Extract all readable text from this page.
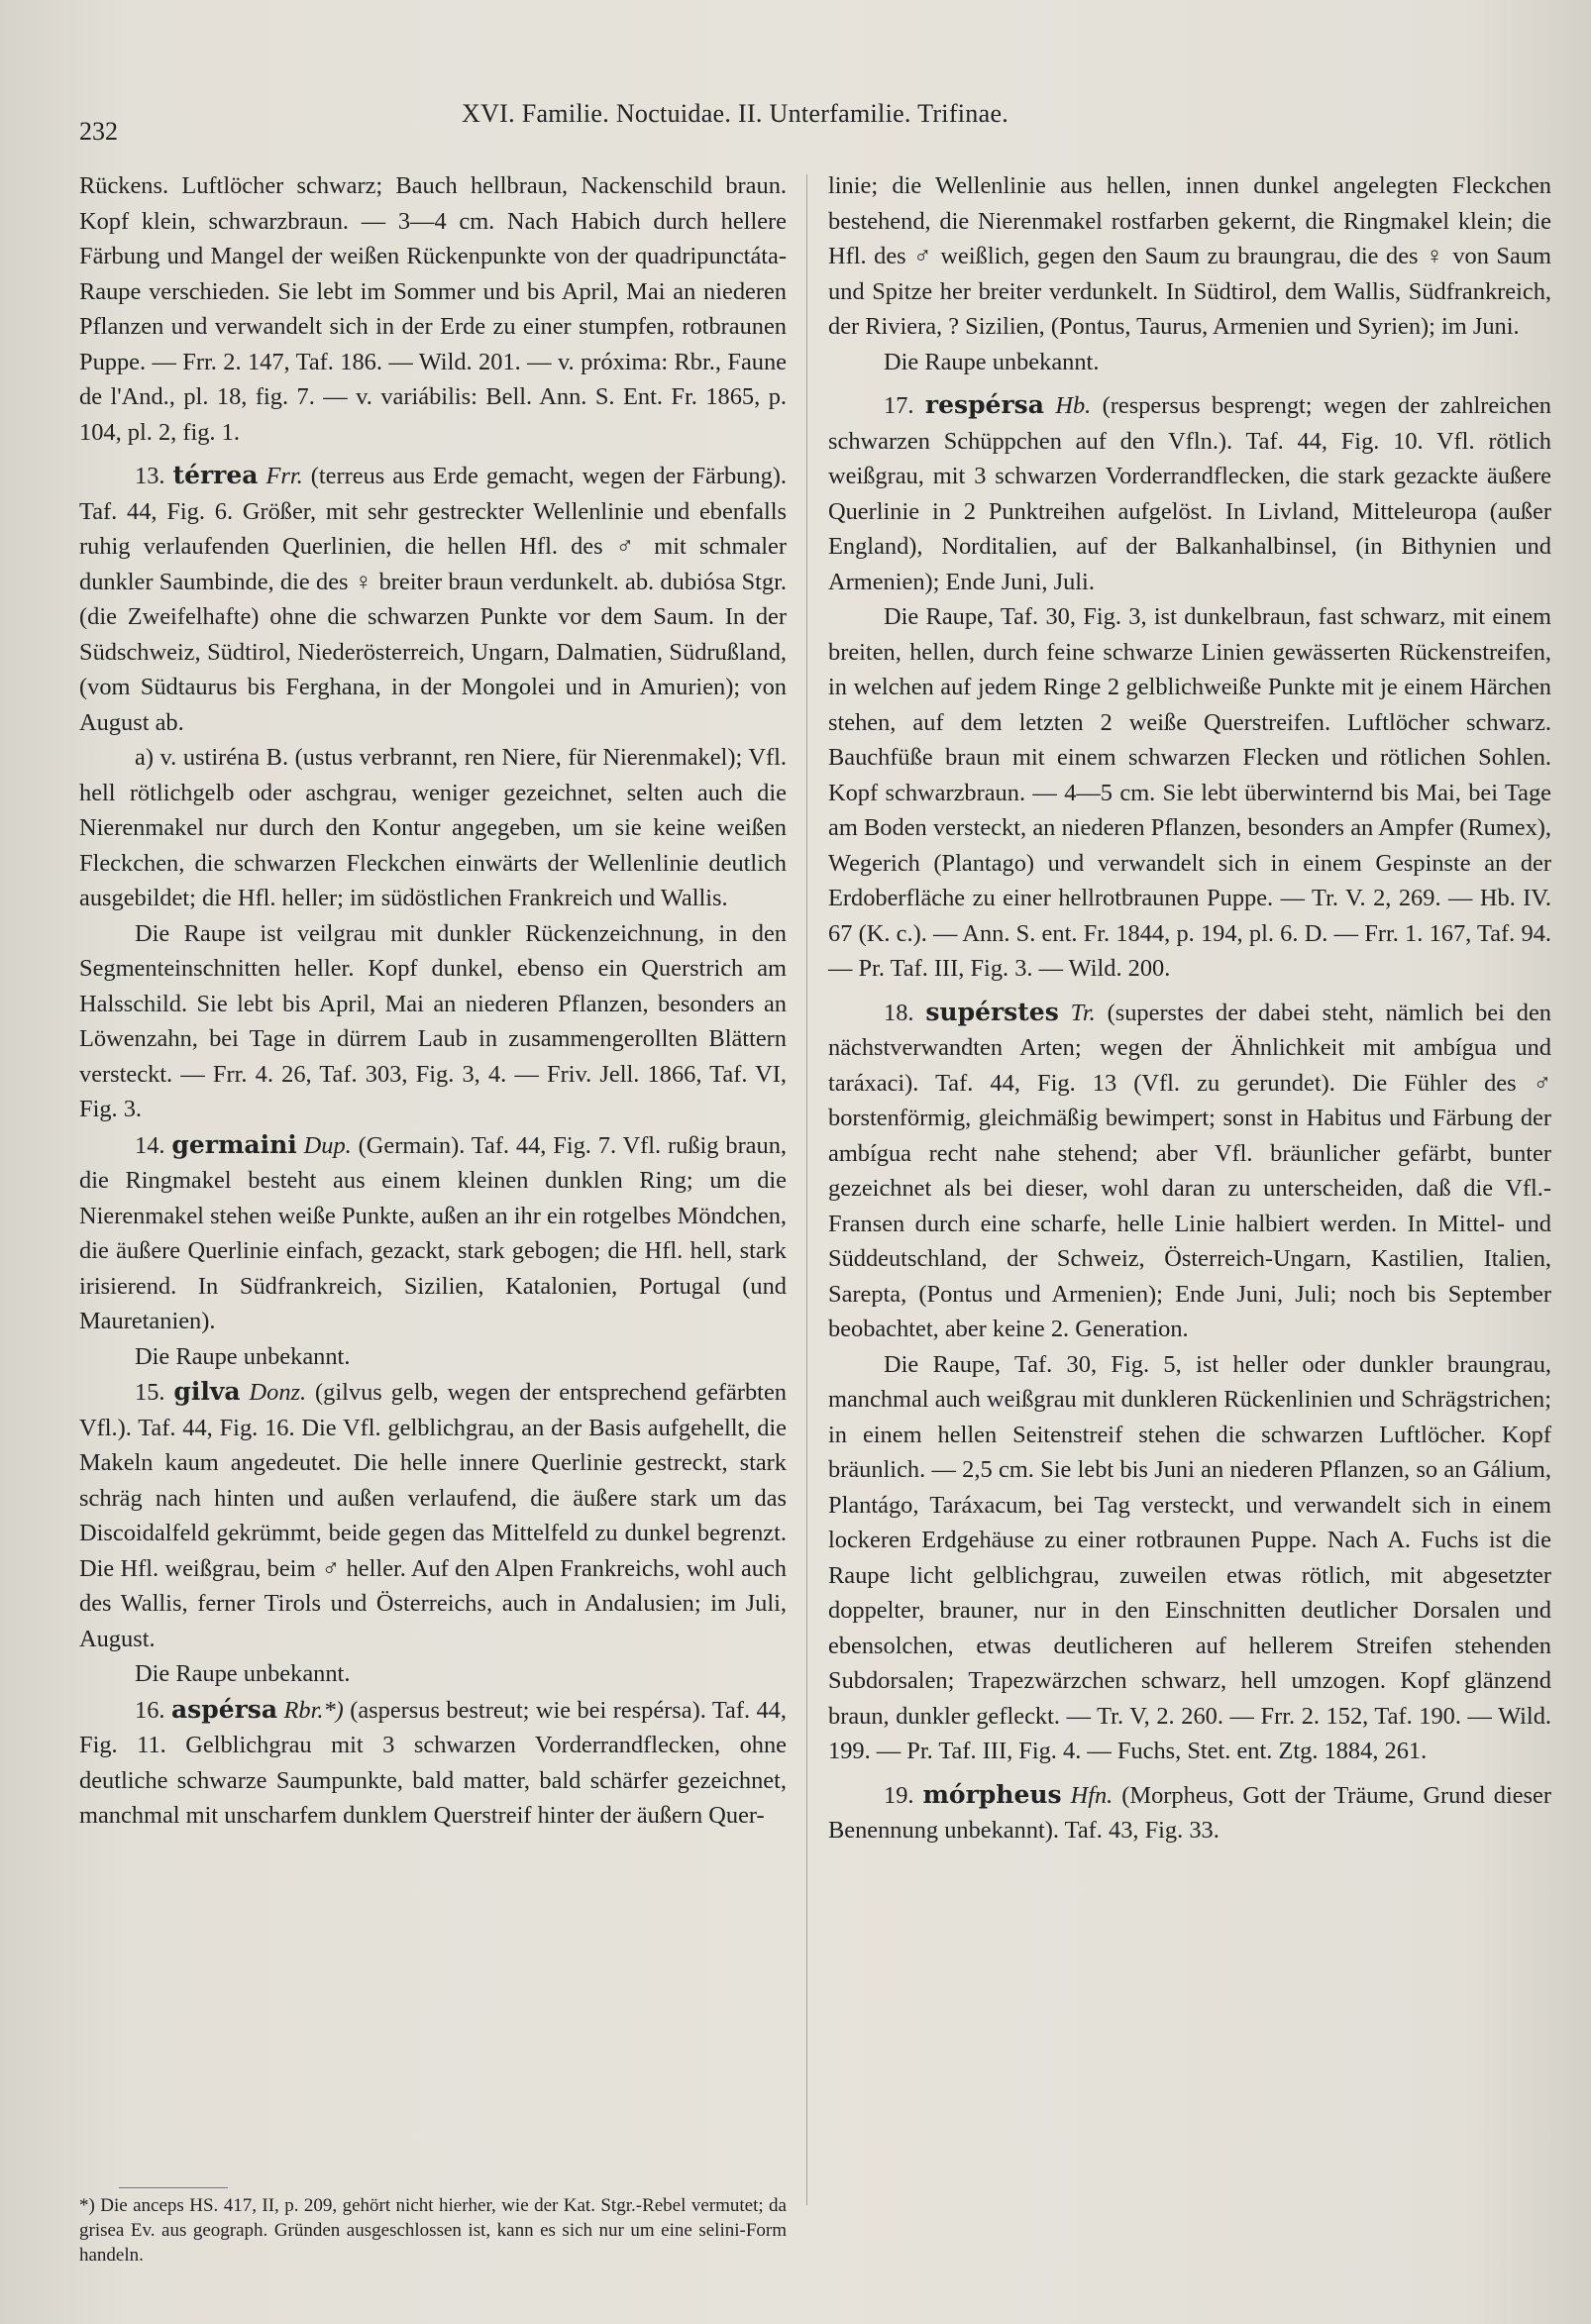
232
XVI. Familie. Noctuidae. II. Unterfamilie. Trifinae.

Rückens. Luftlöcher schwarz; Bauch hellbraun, Nackenschild braun. Kopf klein, schwarzbraun. — 3—4 cm. Nach Habich durch hellere Färbung und Mangel der weißen Rückenpunkte von der quadripunctáta-Raupe verschieden. Sie lebt im Sommer und bis April, Mai an niederen Pflanzen und verwandelt sich in der Erde zu einer stumpfen, rotbraunen Puppe. — Frr. 2. 147, Taf. 186. — Wild. 201. — v. próxima: Rbr., Faune de l'And., pl. 18, fig. 7. — v. variábilis: Bell. Ann. S. Ent. Fr. 1865, p. 104, pl. 2, fig. 1.

13. térrea Frr. (terreus aus Erde gemacht, wegen der Färbung). Taf. 44, Fig. 6. Größer, mit sehr gestreckter Wellenlinie und ebenfalls ruhig verlaufenden Querlinien, die hellen Hfl. des ♂ mit schmaler dunkler Saumbinde, die des ♀ breiter braun verdunkelt. ab. dubiósa Stgr. (die Zweifelhafte) ohne die schwarzen Punkte vor dem Saum. In der Südschweiz, Südtirol, Niederösterreich, Ungarn, Dalmatien, Südrußland, (vom Südtaurus bis Ferghana, in der Mongolei und in Amurien); von August ab.

a) v. ustiréna B. (ustus verbrannt, ren Niere, für Nierenmakel); Vfl. hell rötlichgelb oder aschgrau, weniger gezeichnet, selten auch die Nierenmakel nur durch den Kontur angegeben, um sie keine weißen Fleckchen, die schwarzen Fleckchen einwärts der Wellenlinie deutlich ausgebildet; die Hfl. heller; im südöstlichen Frankreich und Wallis.

Die Raupe ist veilgrau mit dunkler Rückenzeichnung, in den Segmenteinschnitten heller. Kopf dunkel, ebenso ein Querstrich am Halsschild. Sie lebt bis April, Mai an niederen Pflanzen, besonders an Löwenzahn, bei Tage in dürrem Laub in zusammengerollten Blättern versteckt. — Frr. 4. 26, Taf. 303, Fig. 3, 4. — Friv. Jell. 1866, Taf. VI, Fig. 3.

14. germaini Dup. (Germain). Taf. 44, Fig. 7. Vfl. rußig braun, die Ringmakel besteht aus einem kleinen dunklen Ring; um die Nierenmakel stehen weiße Punkte, außen an ihr ein rotgelbes Möndchen, die äußere Querlinie einfach, gezackt, stark gebogen; die Hfl. hell, stark irisierend. In Südfrankreich, Sizilien, Katalonien, Portugal (und Mauretanien).

Die Raupe unbekannt.

15. gilva Donz. (gilvus gelb, wegen der entsprechend gefärbten Vfl.). Taf. 44, Fig. 16. Die Vfl. gelblichgrau, an der Basis aufgehellt, die Makeln kaum angedeutet. Die helle innere Querlinie gestreckt, stark schräg nach hinten und außen verlaufend, die äußere stark um das Discoidalfeld gekrümmt, beide gegen das Mittelfeld zu dunkel begrenzt. Die Hfl. weißgrau, beim ♂ heller. Auf den Alpen Frankreichs, wohl auch des Wallis, ferner Tirols und Österreichs, auch in Andalusien; im Juli, August.

Die Raupe unbekannt.

16. aspérsa Rbr.*) (aspersus bestreut; wie bei respérsa). Taf. 44, Fig. 11. Gelblichgrau mit 3 schwarzen Vorderrandflecken, ohne deutliche schwarze Saumpunkte, bald matter, bald schärfer gezeichnet, manchmal mit unscharfem dunklem Querstreif hinter der äußern Quer-

linie; die Wellenlinie aus hellen, innen dunkel angelegten Fleckchen bestehend, die Nierenmakel rostfarben gekernt, die Ringmakel klein; die Hfl. des ♂ weißlich, gegen den Saum zu braungrau, die des ♀ von Saum und Spitze her breiter verdunkelt. In Südtirol, dem Wallis, Südfrankreich, der Riviera, ? Sizilien, (Pontus, Taurus, Armenien und Syrien); im Juni.

Die Raupe unbekannt.

17. respérsa Hb. (respersus besprengt; wegen der zahlreichen schwarzen Schüppchen auf den Vfln.). Taf. 44, Fig. 10. Vfl. rötlich weißgrau, mit 3 schwarzen Vorderrandflecken, die stark gezackte äußere Querlinie in 2 Punktreihen aufgelöst. In Livland, Mitteleuropa (außer England), Norditalien, auf der Balkanhalbinsel, (in Bithynien und Armenien); Ende Juni, Juli.

Die Raupe, Taf. 30, Fig. 3, ist dunkelbraun, fast schwarz, mit einem breiten, hellen, durch feine schwarze Linien gewässerten Rückenstreifen, in welchen auf jedem Ringe 2 gelblichweiße Punkte mit je einem Härchen stehen, auf dem letzten 2 weiße Querstreifen. Luftlöcher schwarz. Bauchfüße braun mit einem schwarzen Flecken und rötlichen Sohlen. Kopf schwarzbraun. — 4—5 cm. Sie lebt überwinternd bis Mai, bei Tage am Boden versteckt, an niederen Pflanzen, besonders an Ampfer (Rumex), Wegerich (Plantago) und verwandelt sich in einem Gespinste an der Erdoberfläche zu einer hellrotbraunen Puppe. — Tr. V. 2, 269. — Hb. IV. 67 (K. c.). — Ann. S. ent. Fr. 1844, p. 194, pl. 6. D. — Frr. 1. 167, Taf. 94. — Pr. Taf. III, Fig. 3. — Wild. 200.

18. supérstes Tr. (superstes der dabei steht, nämlich bei den nächstverwandten Arten; wegen der Ähnlichkeit mit ambígua und taráxaci). Taf. 44, Fig. 13 (Vfl. zu gerundet). Die Fühler des ♂ borstenförmig, gleichmäßig bewimpert; sonst in Habitus und Färbung der ambígua recht nahe stehend; aber Vfl. bräunlicher gefärbt, bunter gezeichnet als bei dieser, wohl daran zu unterscheiden, daß die Vfl.-Fransen durch eine scharfe, helle Linie halbiert werden. In Mittel- und Süddeutschland, der Schweiz, Österreich-Ungarn, Kastilien, Italien, Sarepta, (Pontus und Armenien); Ende Juni, Juli; noch bis September beobachtet, aber keine 2. Generation.

Die Raupe, Taf. 30, Fig. 5, ist heller oder dunkler braungrau, manchmal auch weißgrau mit dunkleren Rückenlinien und Schrägstrichen; in einem hellen Seitenstreif stehen die schwarzen Luftlöcher. Kopf bräunlich. — 2,5 cm. Sie lebt bis Juni an niederen Pflanzen, so an Gálium, Plantágo, Taráxacum, bei Tag versteckt, und verwandelt sich in einem lockeren Erdgehäuse zu einer rotbraunen Puppe. Nach A. Fuchs ist die Raupe licht gelblichgrau, zuweilen etwas rötlich, mit abgesetzter doppelter, brauner, nur in den Einschnitten deutlicher Dorsalen und ebensolchen, etwas deutlicheren auf hellerem Streifen stehenden Subdorsalen; Trapezwärzchen schwarz, hell umzogen. Kopf glänzend braun, dunkler gefleckt. — Tr. V, 2. 260. — Frr. 2. 152, Taf. 190. — Wild. 199. — Pr. Taf. III, Fig. 4. — Fuchs, Stet. ent. Ztg. 1884, 261.

19. mórpheus Hfn. (Morpheus, Gott der Träume, Grund dieser Benennung unbekannt). Taf. 43, Fig. 33.

*) Die anceps HS. 417, II, p. 209, gehört nicht hierher, wie der Kat. Stgr.-Rebel vermutet; da grisea Ev. aus geograph. Gründen ausgeschlossen ist, kann es sich nur um eine selini-Form handeln.
